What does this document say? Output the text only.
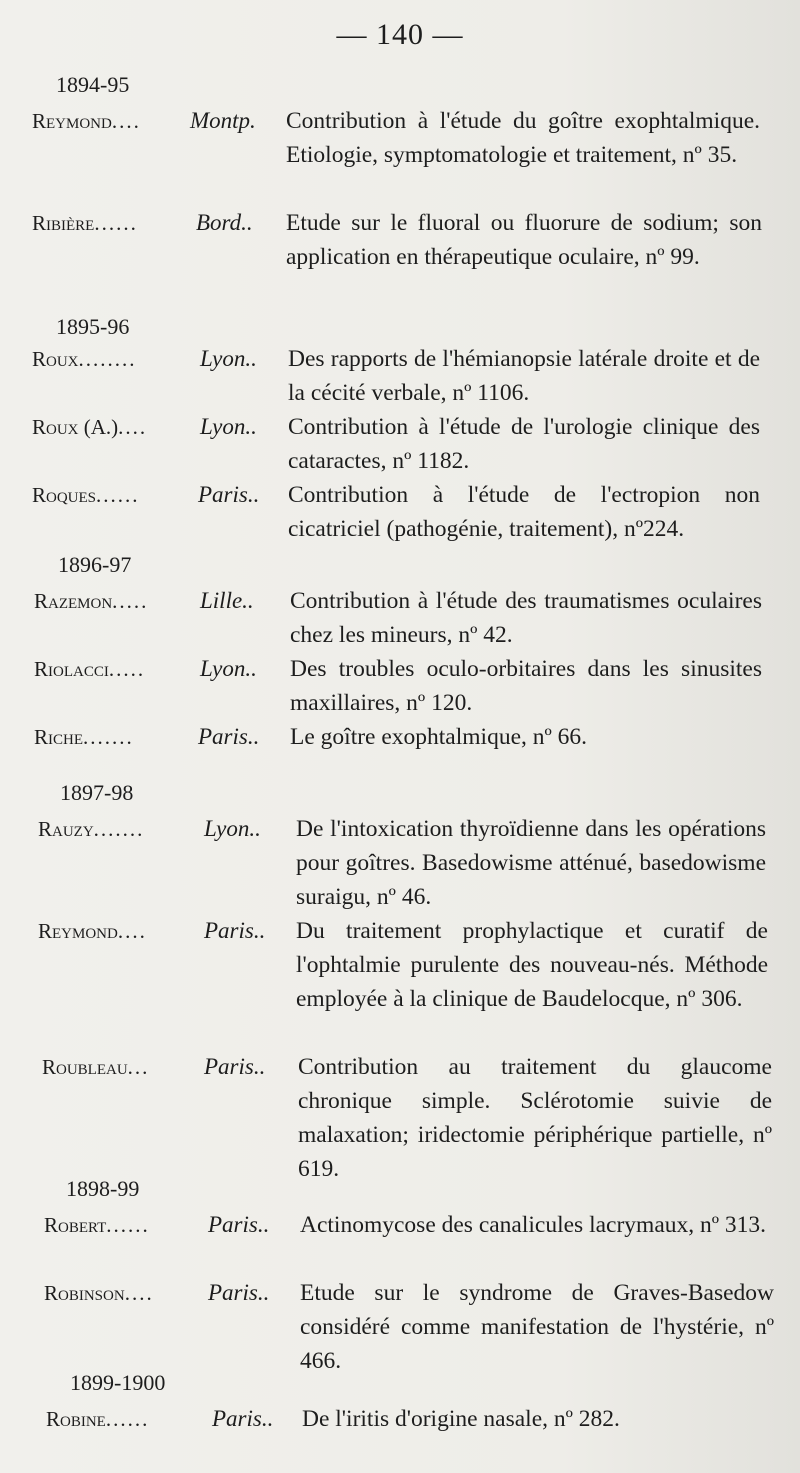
— 140 —
1894-95
Reymond.... Montp. Contribution à l'étude du goître exophtalmique. Etiologie, symptomatologie et traitement, nº 35.
Ribière......	Bord.. Etude sur le fluoral ou fluorure de sodium; son application en thérapeutique oculaire, nº 99.
1895-96
Roux........	Lyon.. Des rapports de l'hémianopsie latérale droite et de la cécité verbale, nº 1106.
Roux (A.).... Lyon.. Contribution à l'étude de l'urologie clinique des cataractes, nº 1182.
Roques......	Paris.. Contribution à l'étude de l'ectropion non cicatriciel (pathogénie, traitement), nº224.
1896-97
Razemon..... Lille.. Contribution à l'étude des traumatismes oculaires chez les mineurs, nº 42.
Riolacci..... Lyon.. Des troubles oculo-orbitaires dans les sinusites maxillaires, nº 120.
Riche.......	Paris.. Le goître exophtalmique, nº 66.
1897-98
Rauzy.......	Lyon.. De l'intoxication thyroïdienne dans les opérations pour goîtres. Basedowisme atténué, basedowisme suraigu, nº 46.
Reymond.... Paris.. Du traitement prophylactique et curatif de l'ophtalmie purulente des nouveau-nés. Méthode employée à la clinique de Baudelocque, nº 306.
Roubleau... Paris.. Contribution au traitement du glaucome chronique simple. Sclérotomie suivie de malaxation; iridectomie périphérique partielle, nº 619.
1898-99
Robert......	Paris.. Actinomycose des canalicules lacrymaux, nº 313.
Robinson.... Paris.. Etude sur le syndrome de Graves-Basedow considéré comme manifestation de l'hystérie, nº 466.
1899-1900
Robine......	Paris.. De l'iritis d'origine nasale, nº 282.
